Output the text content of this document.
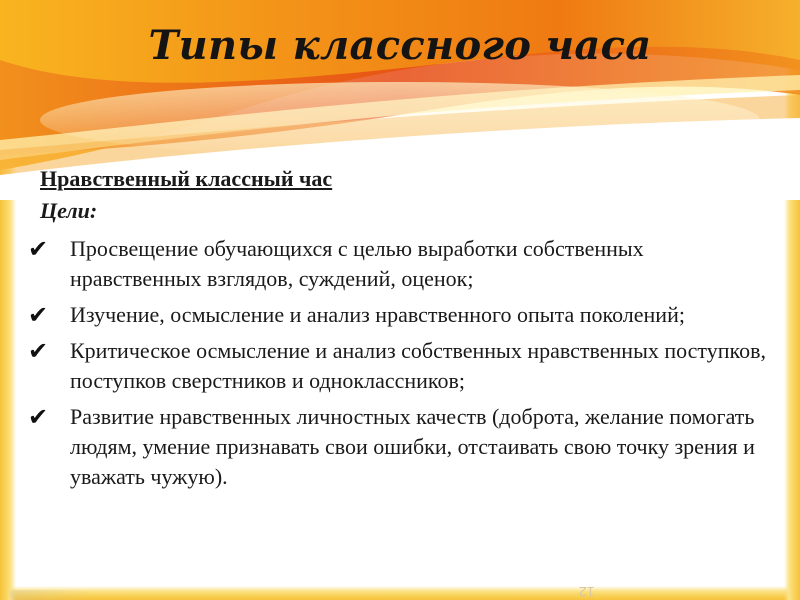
Типы классного часа

Нравственный классный час

Цели:

✔ Просвещение обучающихся с целью выработки собственных нравственных взглядов, суждений, оценок;
✔ Изучение, осмысление и анализ нравственного опыта поколений;
✔ Критическое осмысление и анализ собственных нравственных поступков, поступков сверстников и одноклассников;
✔ Развитие нравственных личностных качеств (доброта, желание помогать людям, умение признавать свои ошибки, отстаивать свою точку зрения и уважать чужую).
12
